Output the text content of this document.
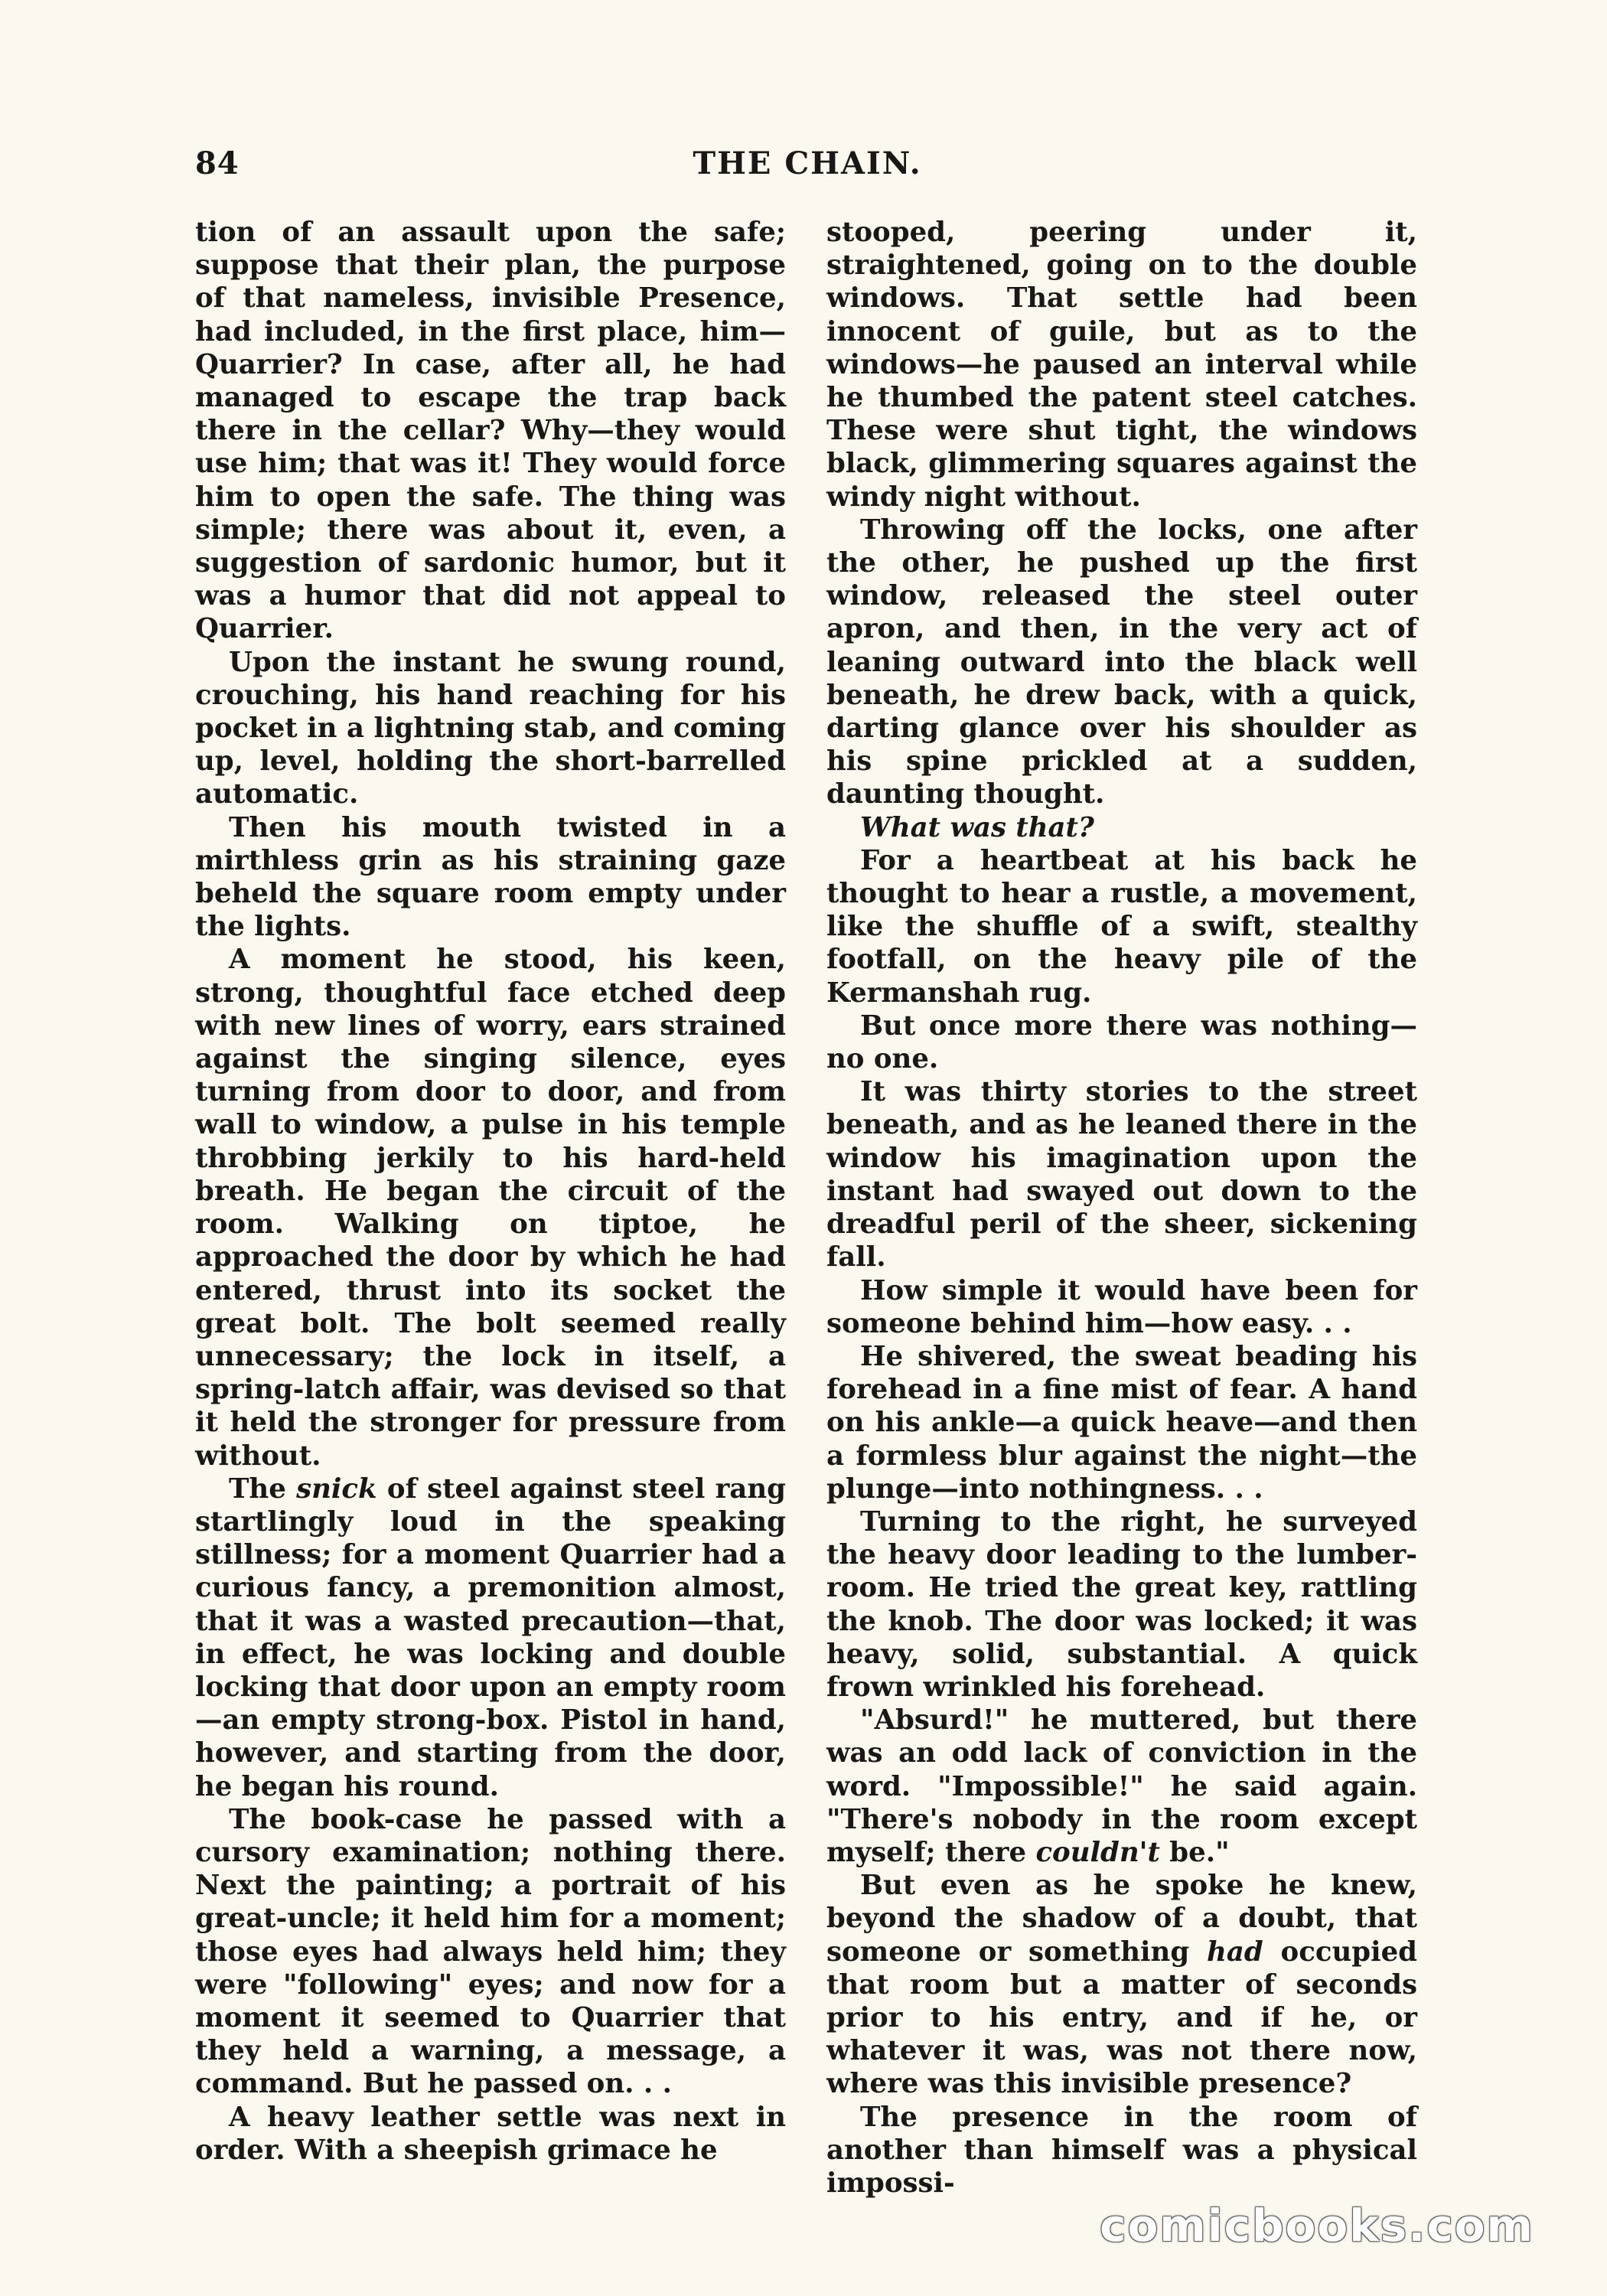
84	THE CHAIN.

tion of an assault upon the safe; suppose that their plan, the purpose of that nameless, invisible Presence, had included, in the first place, him—Quarrier? In case, after all, he had managed to escape the trap back there in the cellar? Why—they would use him; that was it! They would force him to open the safe. The thing was simple; there was about it, even, a suggestion of sardonic humor, but it was a humor that did not appeal to Quarrier.

Upon the instant he swung round, crouching, his hand reaching for his pocket in a lightning stab, and coming up, level, holding the short-barrelled automatic.

Then his mouth twisted in a mirthless grin as his straining gaze beheld the square room empty under the lights.

A moment he stood, his keen, strong, thoughtful face etched deep with new lines of worry, ears strained against the singing silence, eyes turning from door to door, and from wall to window, a pulse in his temple throbbing jerkily to his hard-held breath. He began the circuit of the room. Walking on tiptoe, he approached the door by which he had entered, thrust into its socket the great bolt. The bolt seemed really unnecessary; the lock in itself, a spring-latch affair, was devised so that it held the stronger for pressure from without.

The snick of steel against steel rang startlingly loud in the speaking stillness; for a moment Quarrier had a curious fancy, a premonition almost, that it was a wasted precaution—that, in effect, he was locking and double locking that door upon an empty room—an empty strong-box. Pistol in hand, however, and starting from the door, he began his round.

The book-case he passed with a cursory examination; nothing there. Next the painting; a portrait of his great-uncle; it held him for a moment; those eyes had always held him; they were "following" eyes; and now for a moment it seemed to Quarrier that they held a warning, a message, a command. But he passed on. . .

A heavy leather settle was next in order. With a sheepish grimace he

stooped, peering under it, straightened, going on to the double windows. That settle had been innocent of guile, but as to the windows—he paused an interval while he thumbed the patent steel catches. These were shut tight, the windows black, glimmering squares against the windy night without.

Throwing off the locks, one after the other, he pushed up the first window, released the steel outer apron, and then, in the very act of leaning outward into the black well beneath, he drew back, with a quick, darting glance over his shoulder as his spine prickled at a sudden, daunting thought.

What was that?

For a heartbeat at his back he thought to hear a rustle, a movement, like the shuffle of a swift, stealthy footfall, on the heavy pile of the Kermanshah rug.

But once more there was nothing—no one.

It was thirty stories to the street beneath, and as he leaned there in the window his imagination upon the instant had swayed out down to the dreadful peril of the sheer, sickening fall.

How simple it would have been for someone behind him—how easy. . .

He shivered, the sweat beading his forehead in a fine mist of fear. A hand on his ankle—a quick heave—and then a formless blur against the night—the plunge—into nothingness. . .

Turning to the right, he surveyed the heavy door leading to the lumber-room. He tried the great key, rattling the knob. The door was locked; it was heavy, solid, substantial. A quick frown wrinkled his forehead.

"Absurd!" he muttered, but there was an odd lack of conviction in the word. "Impossible!" he said again. "There's nobody in the room except myself; there couldn't be."

But even as he spoke he knew, beyond the shadow of a doubt, that someone or something had occupied that room but a matter of seconds prior to his entry, and if he, or whatever it was, was not there now, where was this invisible presence?

The presence in the room of another than himself was a physical impossi-

comicbooks.com
